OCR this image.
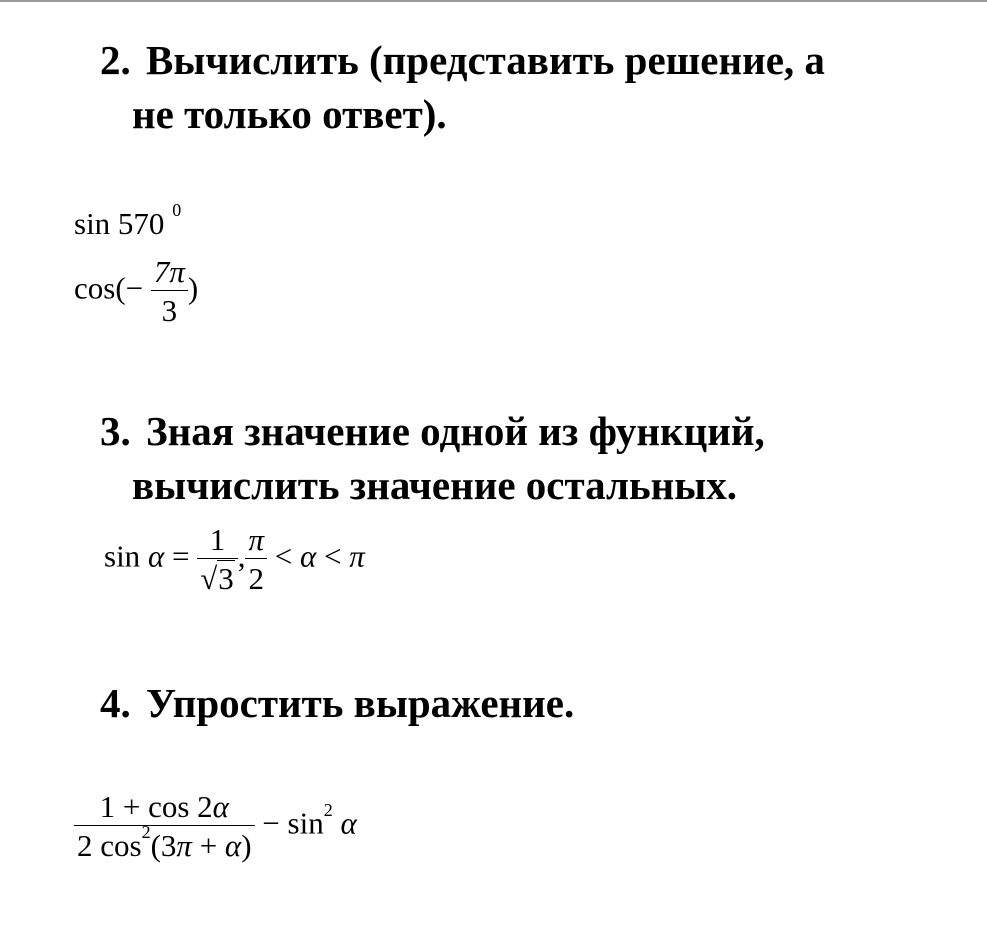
2. Вычислить (представить решение, а
не только ответ).
sin 570 $^0$
$\cos(- \frac{7\pi}{3}$ )
3. Зная значение одной из функций,
вычислить значение остальных.
$\sin \alpha = \frac{1}{√3}$ , $\frac{\pi}{2} < \alpha < \pi$
4. Упростить выражение.
$\frac{1 + \cos 2\alpha}{2 \cos^2(3\pi + \alpha)} - \sin^2 \alpha$
